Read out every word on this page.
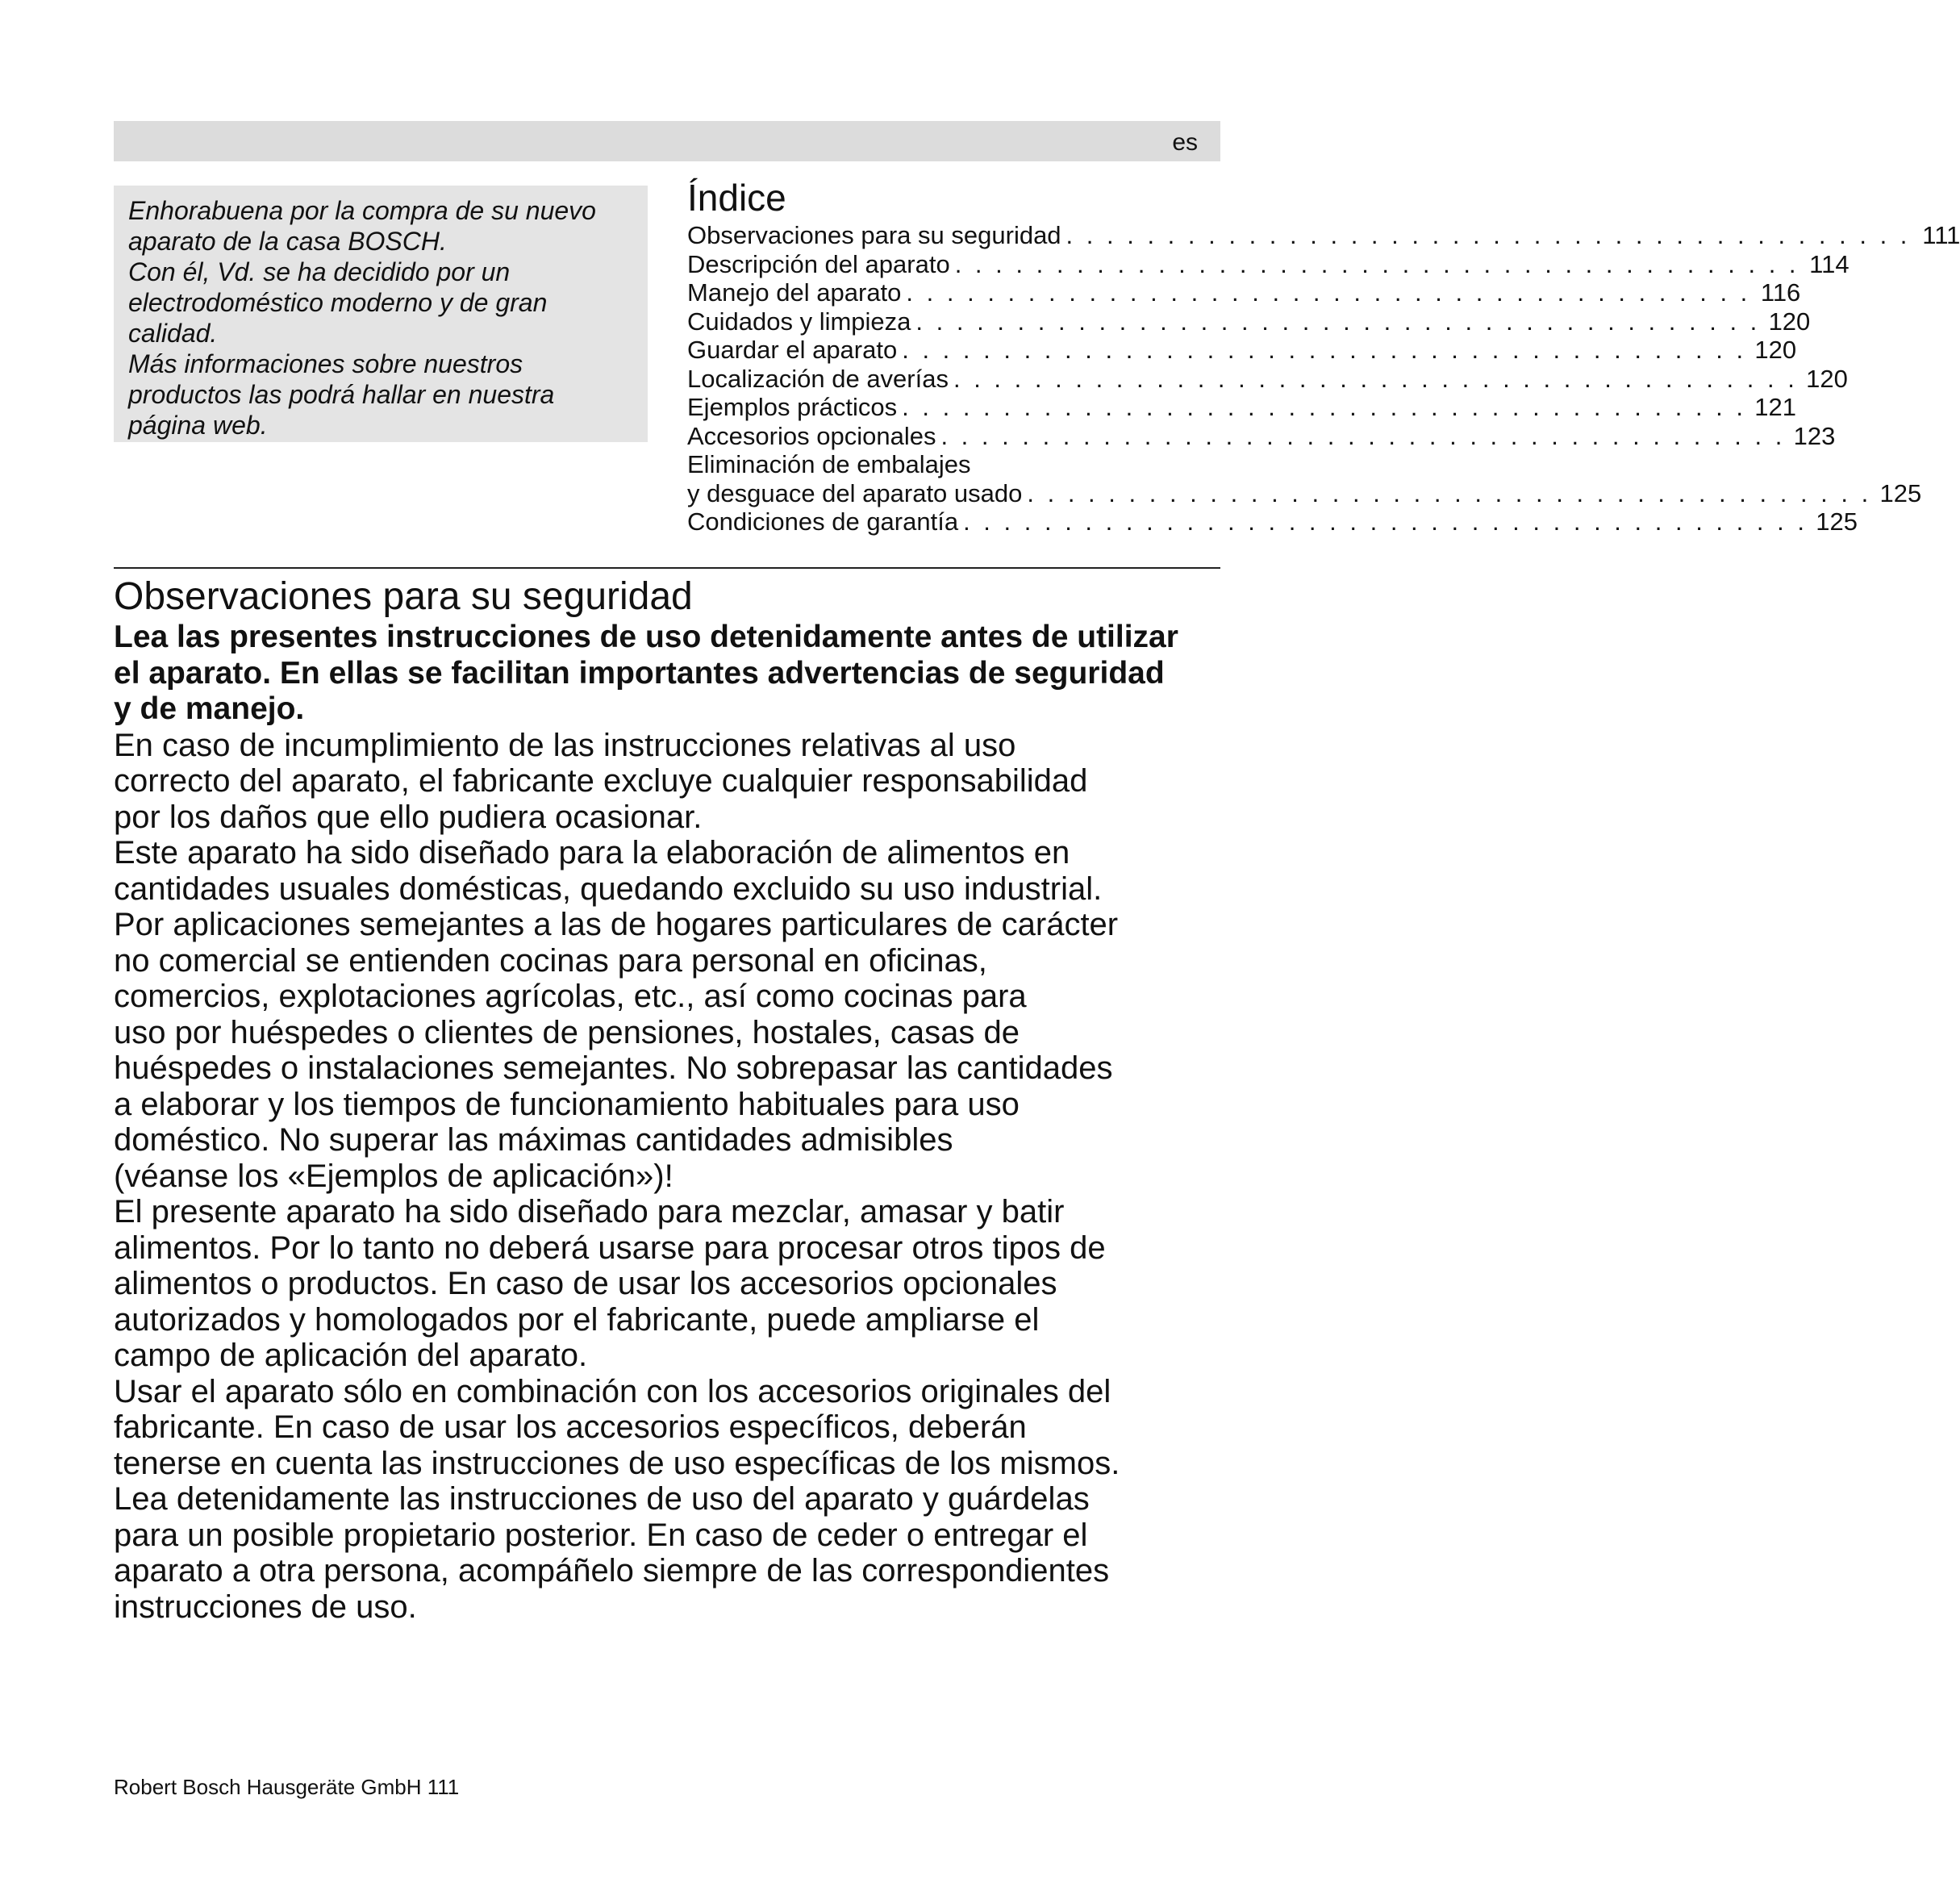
es
Enhorabuena por la compra de su nuevo
aparato de la casa BOSCH.
Con él, Vd. se ha decidido por un
electrodoméstico moderno y de gran
calidad.
Más informaciones sobre nuestros
productos las podrá hallar en nuestra
página web.
Índice
Observaciones para su seguridad . . . . . . . . . . . . . . . . . . . . . . . . . . . . . . . . . . . . . . . . . . 111
Descripción del aparato . . . . . . . . . . . . . . . . . . . . . . . . . . . . . . . . . . . . . . . . . . 114
Manejo del aparato . . . . . . . . . . . . . . . . . . . . . . . . . . . . . . . . . . . . . . . . . . 116
Cuidados y limpieza . . . . . . . . . . . . . . . . . . . . . . . . . . . . . . . . . . . . . . . . . . 120
Guardar el aparato . . . . . . . . . . . . . . . . . . . . . . . . . . . . . . . . . . . . . . . . . . 120
Localización de averías . . . . . . . . . . . . . . . . . . . . . . . . . . . . . . . . . . . . . . . . . . 120
Ejemplos prácticos . . . . . . . . . . . . . . . . . . . . . . . . . . . . . . . . . . . . . . . . . . 121
Accesorios opcionales . . . . . . . . . . . . . . . . . . . . . . . . . . . . . . . . . . . . . . . . . . 123
Eliminación de embalajes
y desguace del aparato usado . . . . . . . . . . . . . . . . . . . . . . . . . . . . . . . . . . . . . . . . . . 125
Condiciones de garantía . . . . . . . . . . . . . . . . . . . . . . . . . . . . . . . . . . . . . . . . . . 125
Observaciones para su seguridad
Lea las presentes instrucciones de uso detenidamente antes de utilizar
el aparato. En ellas se facilitan importantes advertencias de seguridad
y de manejo.
En caso de incumplimiento de las instrucciones relativas al uso
correcto del aparato, el fabricante excluye cualquier responsabilidad
por los daños que ello pudiera ocasionar.
Este aparato ha sido diseñado para la elaboración de alimentos en
cantidades usuales domésticas, quedando excluido su uso industrial.
Por aplicaciones semejantes a las de hogares particulares de carácter
no comercial se entienden cocinas para personal en oficinas,
comercios, explotaciones agrícolas, etc., así como cocinas para
uso por huéspedes o clientes de pensiones, hostales, casas de
huéspedes o instalaciones semejantes. No sobrepasar las cantidades
a elaborar y los tiempos de funcionamiento habituales para uso
doméstico. No superar las máximas cantidades admisibles
(véanse los «Ejemplos de aplicación»)!
El presente aparato ha sido diseñado para mezclar, amasar y batir
alimentos. Por lo tanto no deberá usarse para procesar otros tipos de
alimentos o productos. En caso de usar los accesorios opcionales
autorizados y homologados por el fabricante, puede ampliarse el
campo de aplicación del aparato.
Usar el aparato sólo en combinación con los accesorios originales del
fabricante. En caso de usar los accesorios específicos, deberán
tenerse en cuenta las instrucciones de uso específicas de los mismos.
Lea detenidamente las instrucciones de uso del aparato y guárdelas
para un posible propietario posterior. En caso de ceder o entregar el
aparato a otra persona, acompáñelo siempre de las correspondientes
instrucciones de uso.
Robert Bosch Hausgeräte GmbH 111
